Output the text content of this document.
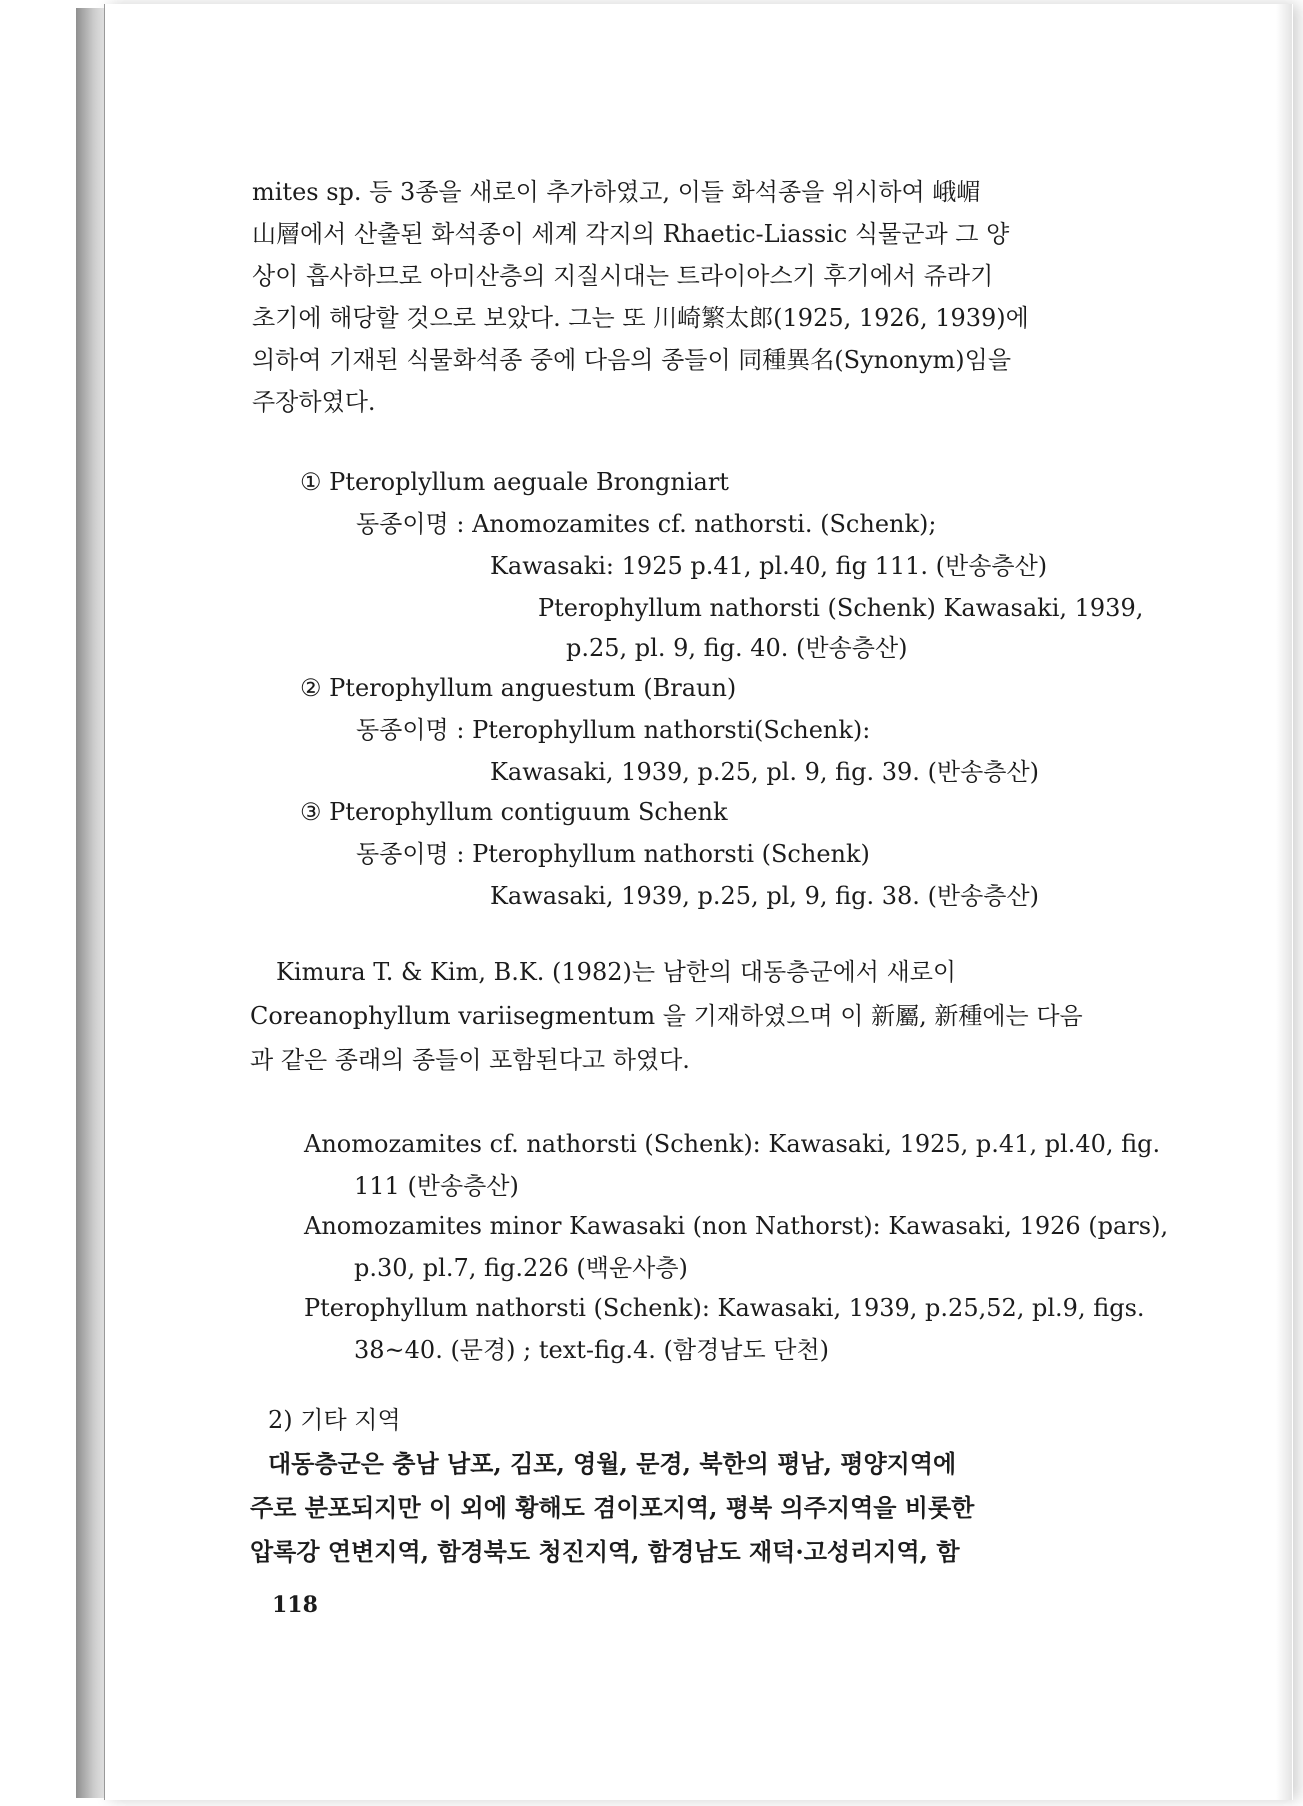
mites sp. 등 3종을 새로이 추가하였고, 이들 화석종을 위시하여 峨嵋
山層에서 산출된 화석종이 세계 각지의 Rhaetic-Liassic 식물군과 그 양
상이 흡사하므로 아미산층의 지질시대는 트라이아스기 후기에서 쥬라기
초기에 해당할 것으로 보았다. 그는 또 川崎繁太郎(1925, 1926, 1939)에
의하여 기재된 식물화석종 중에 다음의 종들이 同種異名(Synonym)임을
주장하였다.
① Pteroplyllum aeguale Brongniart
동종이명 : Anomozamites cf. nathorsti. (Schenk);
Kawasaki: 1925 p.41, pl.40, fig 111. (반송층산)
Pterophyllum nathorsti (Schenk) Kawasaki, 1939,
p.25, pl. 9, fig. 40. (반송층산)
② Pterophyllum anguestum (Braun)
동종이명 : Pterophyllum nathorsti(Schenk):
Kawasaki, 1939, p.25, pl. 9, fig. 39. (반송층산)
③ Pterophyllum contiguum Schenk
동종이명 : Pterophyllum nathorsti (Schenk)
Kawasaki, 1939, p.25, pl, 9, fig. 38. (반송층산)
Kimura T. & Kim, B.K. (1982)는 남한의 대동층군에서 새로이
Coreanophyllum variisegmentum 을 기재하였으며 이 新屬, 新種에는 다음
과 같은 종래의 종들이 포함된다고 하였다.
Anomozamites cf. nathorsti (Schenk): Kawasaki, 1925, p.41, pl.40, fig.
111 (반송층산)
Anomozamites minor Kawasaki (non Nathorst): Kawasaki, 1926 (pars),
p.30, pl.7, fig.226 (백운사층)
Pterophyllum nathorsti (Schenk): Kawasaki, 1939, p.25,52, pl.9, figs.
38~40. (문경) ; text-fig.4. (함경남도 단천)
2) 기타 지역
대동층군은 충남 남포, 김포, 영월, 문경, 북한의 평남, 평양지역에
주로 분포되지만 이 외에 황해도 겸이포지역, 평북 의주지역을 비롯한
압록강 연변지역, 함경북도 청진지역, 함경남도 재덕·고성리지역, 함
118
